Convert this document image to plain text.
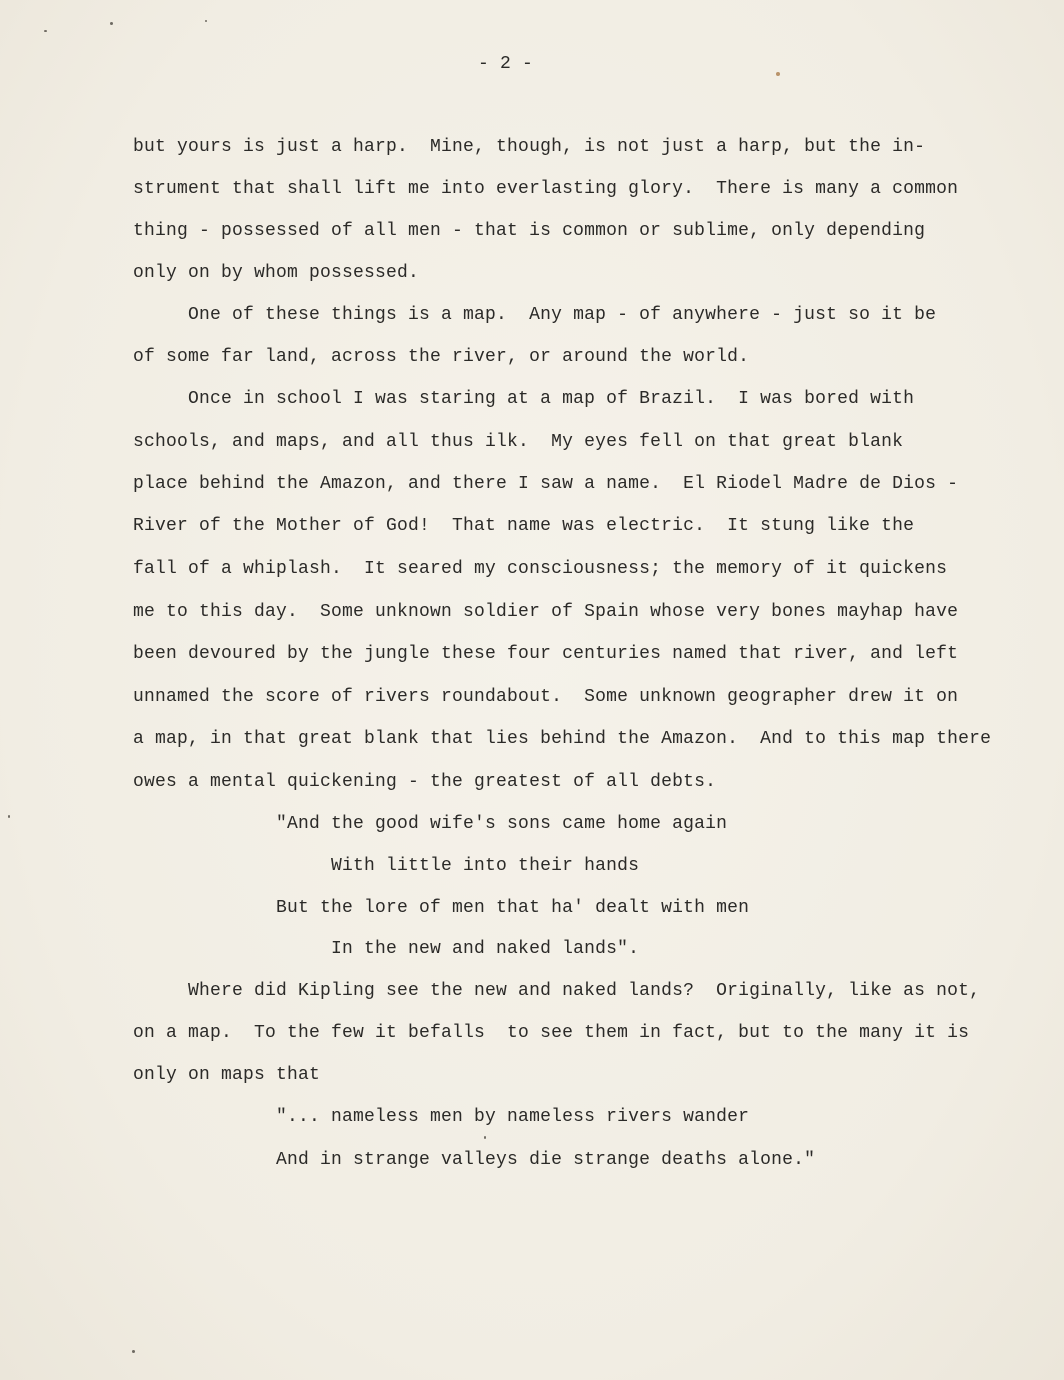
- 2 -
but yours is just a harp.  Mine, though, is not just a harp, but the in-
strument that shall lift me into everlasting glory.  There is many a common
thing - possessed of all men - that is common or sublime, only depending
only on by whom possessed.
One of these things is a map.  Any map - of anywhere - just so it be
of some far land, across the river, or around the world.
Once in school I was staring at a map of Brazil.  I was bored with
schools, and maps, and all thus ilk.  My eyes fell on that great blank
place behind the Amazon, and there I saw a name.  El Riodel Madre de Dios -
River of the Mother of God!  That name was electric.  It stung like the
fall of a whiplash.  It seared my consciousness; the memory of it quickens
me to this day.  Some unknown soldier of Spain whose very bones mayhap have
been devoured by the jungle these four centuries named that river, and left
unnamed the score of rivers roundabout.  Some unknown geographer drew it on
a map, in that great blank that lies behind the Amazon.  And to this map there
owes a mental quickening - the greatest of all debts.
"And the good wife's sons came home again
With little into their hands
But the lore of men that ha' dealt with men
In the new and naked lands".
Where did Kipling see the new and naked lands?  Originally, like as not,
on a map.  To the few it befalls  to see them in fact, but to the many it is
only on maps that
"... nameless men by nameless rivers wander
And in strange valleys die strange deaths alone."
